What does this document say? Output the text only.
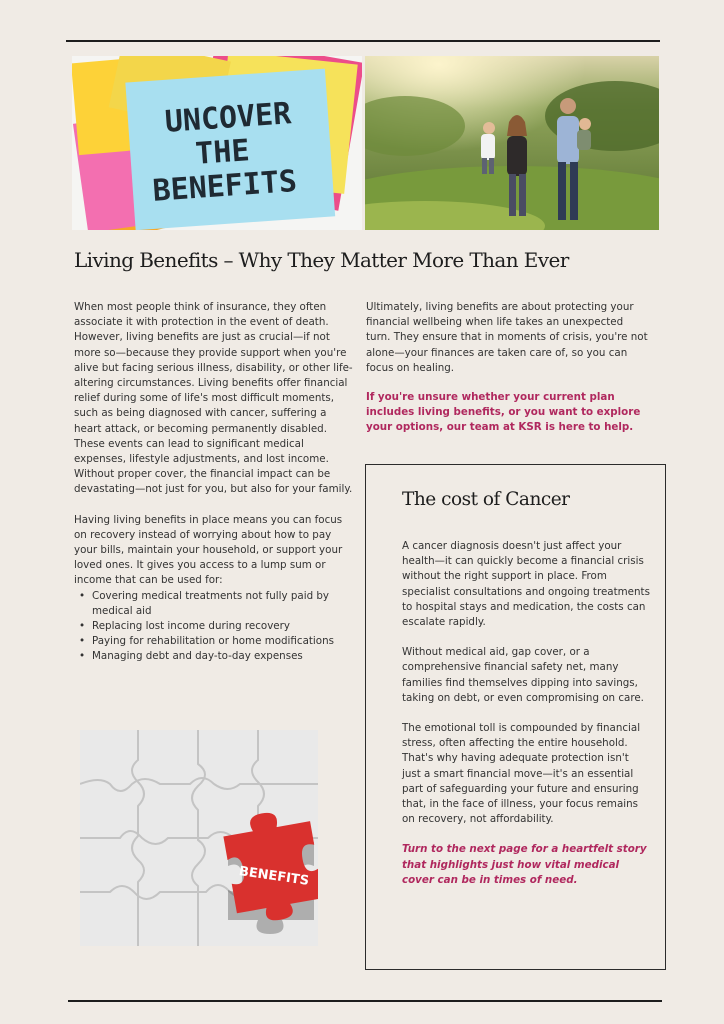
UNCOVER
THE
BENEFITS
Living Benefits – Why They Matter More Than Ever

When most people think of insurance, they often associate it with protection in the event of death. However, living benefits are just as crucial—if not more so—because they provide support when you're alive but facing serious illness, disability, or other life-altering circumstances. Living benefits offer financial relief during some of life's most difficult moments, such as being diagnosed with cancer, suffering a heart attack, or becoming permanently disabled. These events can lead to significant medical expenses, lifestyle adjustments, and lost income. Without proper cover, the financial impact can be devastating—not just for you, but also for your family.

Having living benefits in place means you can focus on recovery instead of worrying about how to pay your bills, maintain your household, or support your loved ones. It gives you access to a lump sum or income that can be used for:

• Covering medical treatments not fully paid by medical aid
• Replacing lost income during recovery
• Paying for rehabilitation or home modifications
• Managing debt and day-to-day expenses

Ultimately, living benefits are about protecting your financial wellbeing when life takes an unexpected turn. They ensure that in moments of crisis, you're not alone—your finances are taken care of, so you can focus on healing.

If you're unsure whether your current plan includes living benefits, or you want to explore your options, our team at KSR is here to help.

The cost of Cancer

A cancer diagnosis doesn't just affect your health—it can quickly become a financial crisis without the right support in place. From specialist consultations and ongoing treatments to hospital stays and medication, the costs can escalate rapidly.

Without medical aid, gap cover, or a comprehensive financial safety net, many families find themselves dipping into savings, taking on debt, or even compromising on care.

The emotional toll is compounded by financial stress, often affecting the entire household. That's why having adequate protection isn't just a smart financial move—it's an essential part of safeguarding your future and ensuring that, in the face of illness, your focus remains on recovery, not affordability.

Turn to the next page for a heartfelt story that highlights just how vital medical cover can be in times of need.

BENEFITS
